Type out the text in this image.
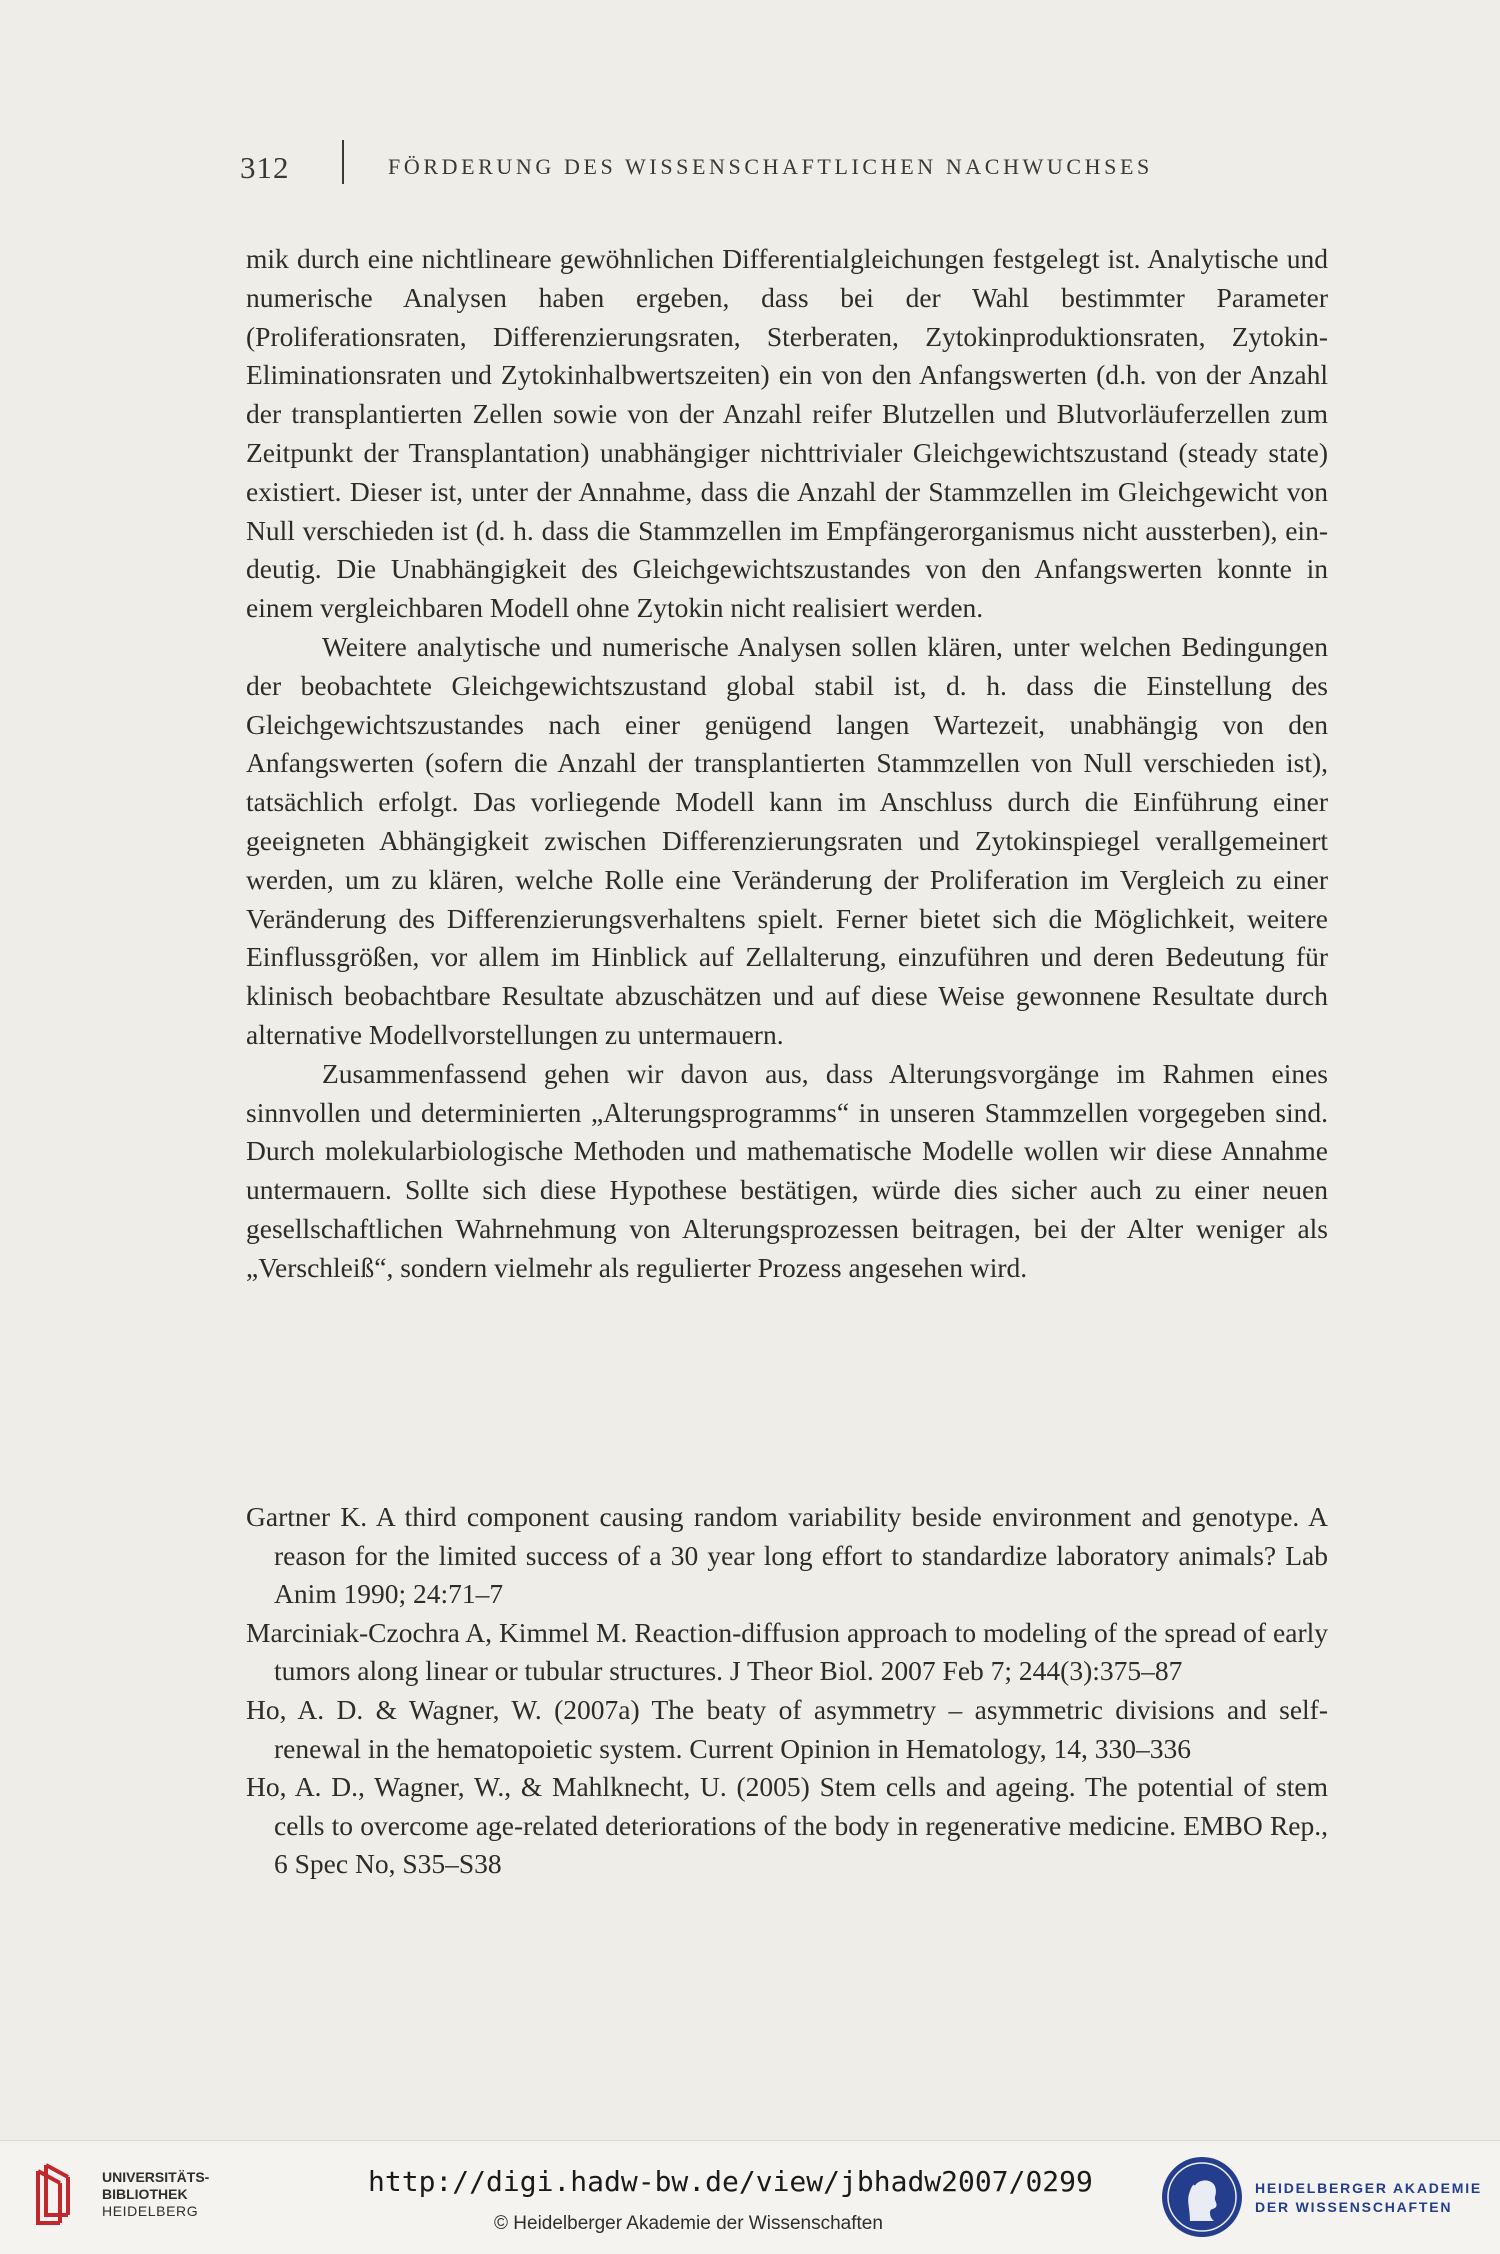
312	FÖRDERUNG DES WISSENSCHAFTLICHEN NACHWUCHSES

mik durch eine nichtlineare gewöhnlichen Differentialgleichungen festgelegt ist. Analytische und numerische Analysen haben ergeben, dass bei der Wahl bestimmter Parameter (Proliferationsraten, Differenzierungsraten, Sterberaten, Zytokinproduktionsraten, Zytokin-Eliminationsraten und Zytokinhalbwertszeiten) ein von den Anfangswerten (d.h. von der Anzahl der transplantierten Zellen sowie von der Anzahl reifer Blutzellen und Blutvorläuferzellen zum Zeitpunkt der Transplantation) unabhängiger nichttrivialer Gleichgewichtszustand (steady state) existiert. Dieser ist, unter der Annahme, dass die Anzahl der Stammzellen im Gleichgewicht von Null verschieden ist (d. h. dass die Stammzellen im Empfängerorganismus nicht aussterben), eindeutig. Die Unabhängigkeit des Gleichgewichtszustandes von den Anfangswerten konnte in einem vergleichbaren Modell ohne Zytokin nicht realisiert werden.

Weitere analytische und numerische Analysen sollen klären, unter welchen Bedingungen der beobachtete Gleichgewichtszustand global stabil ist, d. h. dass die Einstellung des Gleichgewichtszustandes nach einer genügend langen Wartezeit, unabhängig von den Anfangswerten (sofern die Anzahl der transplantierten Stammzellen von Null verschieden ist), tatsächlich erfolgt. Das vorliegende Modell kann im Anschluss durch die Einführung einer geeigneten Abhängigkeit zwischen Differenzierungsraten und Zytokinspiegel verallgemeinert werden, um zu klären, welche Rolle eine Veränderung der Proliferation im Vergleich zu einer Veränderung des Differenzierungsverhaltens spielt. Ferner bietet sich die Möglichkeit, weitere Einflussgrößen, vor allem im Hinblick auf Zellalterung, einzuführen und deren Bedeutung für klinisch beobachtbare Resultate abzuschätzen und auf diese Weise gewonnene Resultate durch alternative Modellvorstellungen zu untermauern.

Zusammenfassend gehen wir davon aus, dass Alterungsvorgänge im Rahmen eines sinnvollen und determinierten „Alterungsprogramms“ in unseren Stammzellen vorgegeben sind. Durch molekularbiologische Methoden und mathematische Modelle wollen wir diese Annahme untermauern. Sollte sich diese Hypothese bestätigen, würde dies sicher auch zu einer neuen gesellschaftlichen Wahrnehmung von Alterungsprozessen beitragen, bei der Alter weniger als „Verschleiß“, sondern vielmehr als regulierter Prozess angesehen wird.

Gartner K. A third component causing random variability beside environment and genotype. A reason for the limited success of a 30 year long effort to standardize laboratory animals? Lab Anim 1990; 24:71–7

Marciniak-Czochra A, Kimmel M. Reaction-diffusion approach to modeling of the spread of early tumors along linear or tubular structures. J Theor Biol. 2007 Feb 7; 244(3):375–87

Ho, A. D. & Wagner, W. (2007a) The beaty of asymmetry – asymmetric divisions and self-renewal in the hematopoietic system. Current Opinion in Hematology, 14, 330–336

Ho, A. D., Wagner, W., & Mahlknecht, U. (2005) Stem cells and ageing. The potential of stem cells to overcome age-related deteriorations of the body in regenerative medicine. EMBO Rep., 6 Spec No, S35–S38

UNIVERSITÄTS-
BIBLIOTHEK
HEIDELBERG
http://digi.hadw-bw.de/view/jbhadw2007/0299
© Heidelberger Akademie der Wissenschaften
HEIDELBERGER AKADEMIE
DER WISSENSCHAFTEN
